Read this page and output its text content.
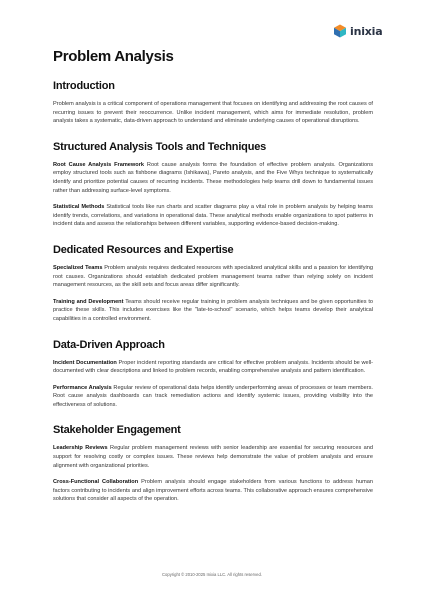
inixia
Problem Analysis
Introduction

Problem analysis is a critical component of operations management that focuses on identifying and addressing the root causes of recurring issues to prevent their reoccurrence. Unlike incident management, which aims for immediate resolution, problem analysis takes a systematic, data-driven approach to understand and eliminate underlying causes of operational disruptions.

Structured Analysis Tools and Techniques

Root Cause Analysis Framework Root cause analysis forms the foundation of effective problem analysis. Organizations employ structured tools such as fishbone diagrams (Ishikawa), Pareto analysis, and the Five Whys technique to systematically identify and prioritize potential causes of recurring incidents. These methodologies help teams drill down to fundamental issues rather than addressing surface-level symptoms.

Statistical Methods Statistical tools like run charts and scatter diagrams play a vital role in problem analysis by helping teams identify trends, correlations, and variations in operational data. These analytical methods enable organizations to spot patterns in incident data and assess the relationships between different variables, supporting evidence-based decision-making.

Dedicated Resources and Expertise

Specialized Teams Problem analysis requires dedicated resources with specialized analytical skills and a passion for identifying root causes. Organizations should establish dedicated problem management teams rather than relying solely on incident management resources, as the skill sets and focus areas differ significantly.

Training and Development Teams should receive regular training in problem analysis techniques and be given opportunities to practice these skills. This includes exercises like the "late-to-school" scenario, which helps teams develop their analytical capabilities in a controlled environment.

Data-Driven Approach

Incident Documentation Proper incident reporting standards are critical for effective problem analysis. Incidents should be well-documented with clear descriptions and linked to problem records, enabling comprehensive analysis and pattern identification.

Performance Analysis Regular review of operational data helps identify underperforming areas of processes or team members. Root cause analysis dashboards can track remediation actions and identify systemic issues, providing visibility into the effectiveness of solutions.

Stakeholder Engagement

Leadership Reviews Regular problem management reviews with senior leadership are essential for securing resources and support for resolving costly or complex issues. These reviews help demonstrate the value of problem analysis and ensure alignment with organizational priorities.

Cross-Functional Collaboration Problem analysis should engage stakeholders from various functions to address human factors contributing to incidents and align improvement efforts across teams. This collaborative approach ensures comprehensive solutions that consider all aspects of the operation.

Copyright © 2010-2025 Inixia LLC. All rights reserved.
